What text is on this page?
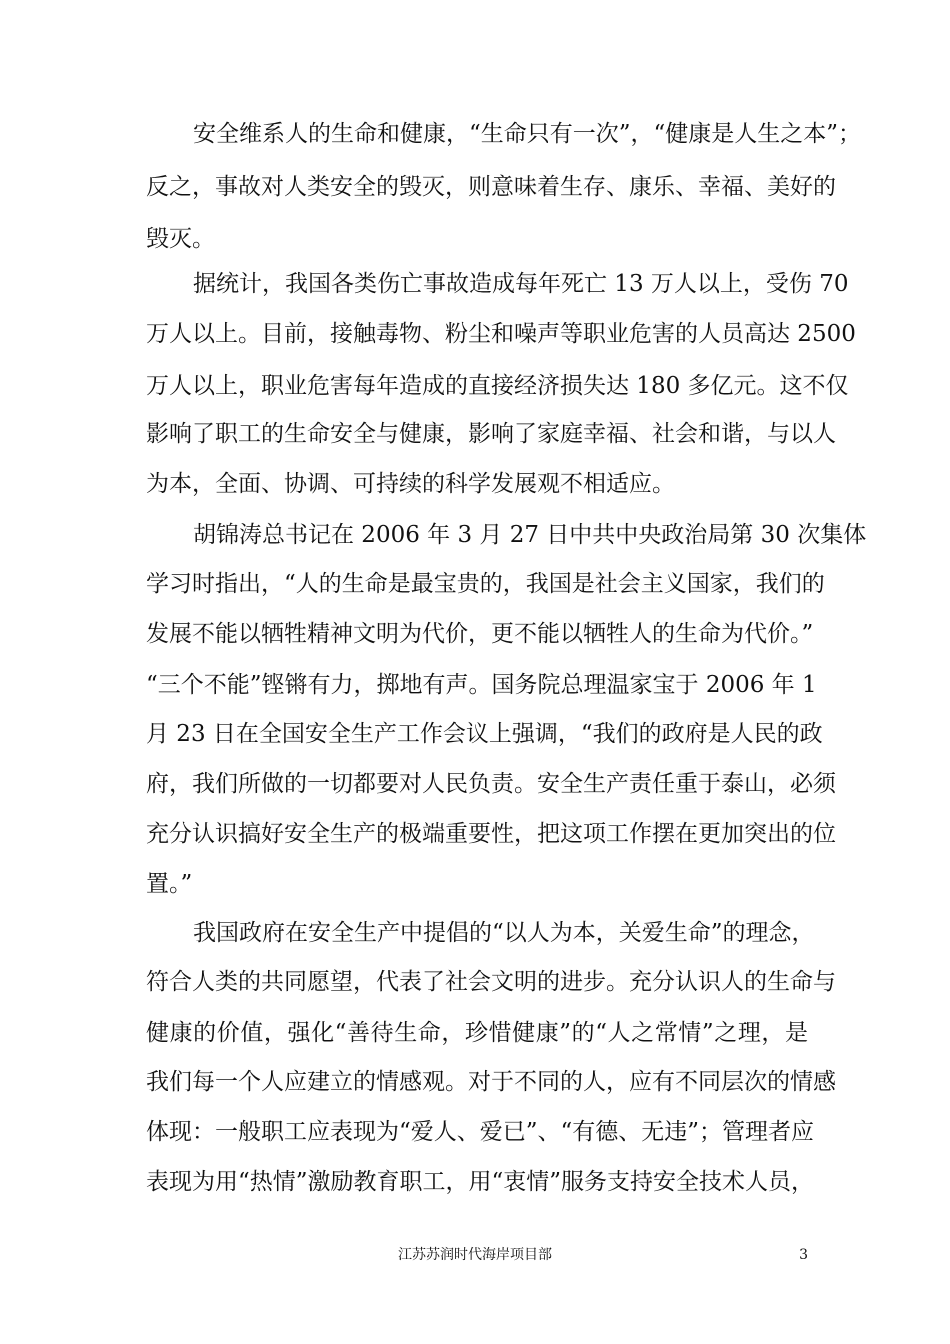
安全维系人的生命和健康，“生命只有一次”，“健康是人生之本”；
反之，事故对人类安全的毁灭，则意味着生存、康乐、幸福、美好的
毁灭。
据统计，我国各类伤亡事故造成每年死亡 13 万人以上，受伤 70
万人以上。目前，接触毒物、粉尘和噪声等职业危害的人员高达 2500
万人以上，职业危害每年造成的直接经济损失达 180 多亿元。这不仅
影响了职工的生命安全与健康，影响了家庭幸福、社会和谐，与以人
为本，全面、协调、可持续的科学发展观不相适应。
胡锦涛总书记在 2006 年 3 月 27 日中共中央政治局第 30 次集体
学习时指出，“人的生命是最宝贵的，我国是社会主义国家，我们的
发展不能以牺牲精神文明为代价，更不能以牺牲人的生命为代价。”
“三个不能”铿锵有力，掷地有声。国务院总理温家宝于 2006 年 1
月 23 日在全国安全生产工作会议上强调，“我们的政府是人民的政
府，我们所做的一切都要对人民负责。安全生产责任重于泰山，必须
充分认识搞好安全生产的极端重要性，把这项工作摆在更加突出的位
置。”
我国政府在安全生产中提倡的“以人为本，关爱生命”的理念，
符合人类的共同愿望，代表了社会文明的进步。充分认识人的生命与
健康的价值，强化“善待生命，珍惜健康”的“人之常情”之理，是
我们每一个人应建立的情感观。对于不同的人，应有不同层次的情感
体现：一般职工应表现为“爱人、爱已”、“有德、无违”；管理者应
表现为用“热情”激励教育职工，用“衷情”服务支持安全技术人员，
江苏苏润时代海岸项目部	3
